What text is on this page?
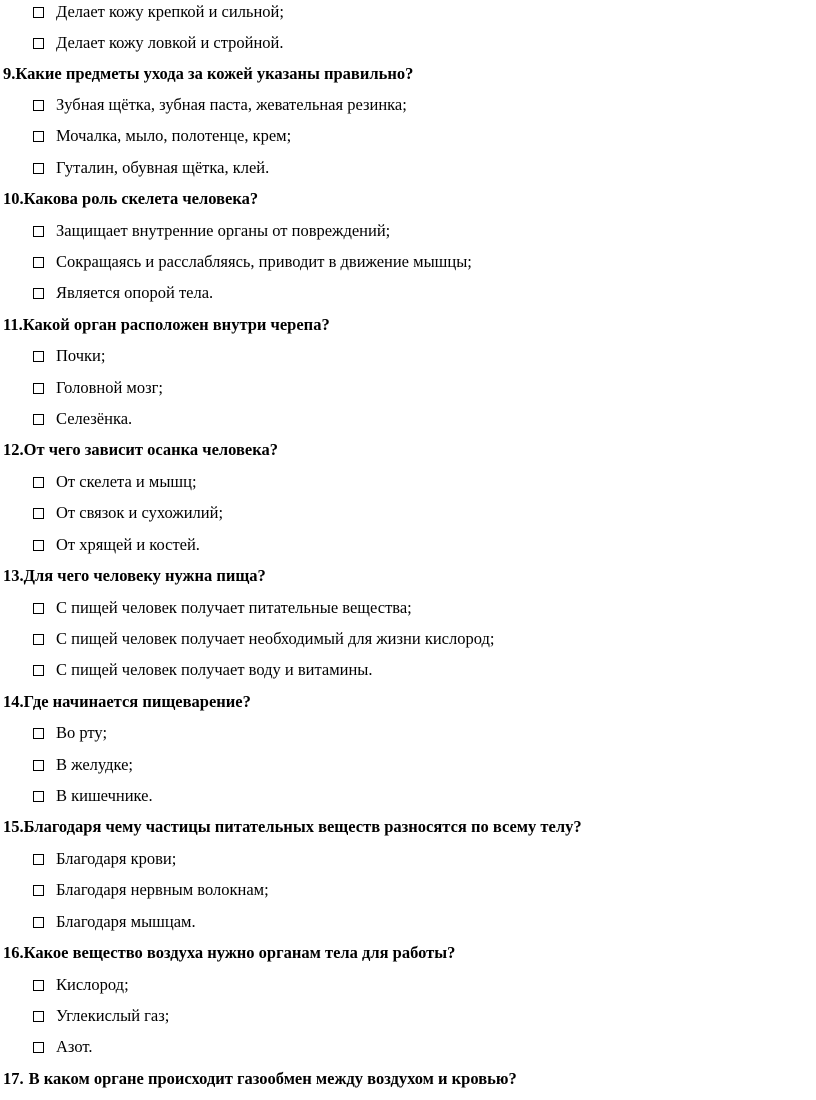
Делает кожу крепкой и сильной;
Делает кожу ловкой и стройной.
9. Какие предметы ухода за кожей указаны правильно?
Зубная щётка, зубная паста, жевательная резинка;
Мочалка, мыло, полотенце, крем;
Гуталин, обувная щётка, клей.
10. Какова роль скелета человека?
Защищает внутренние органы от повреждений;
Сокращаясь и расслабляясь, приводит в движение мышцы;
Является опорой тела.
11. Какой орган расположен внутри черепа?
Почки;
Головной мозг;
Селезёнка.
12. От чего зависит осанка человека?
От скелета и мышц;
От связок и сухожилий;
От хрящей и костей.
13. Для чего человеку нужна пища?
С пищей человек получает питательные вещества;
С пищей человек получает необходимый для жизни кислород;
С пищей человек получает воду и витамины.
14. Где начинается пищеварение?
Во рту;
В желудке;
В кишечнике.
15. Благодаря чему частицы питательных веществ разносятся по всему телу?
Благодаря крови;
Благодаря нервным волокнам;
Благодаря мышцам.
16. Какое вещество воздуха нужно органам тела для работы?
Кислород;
Углекислый газ;
Азот.
17. В каком органе происходит газообмен между воздухом и кровью?
